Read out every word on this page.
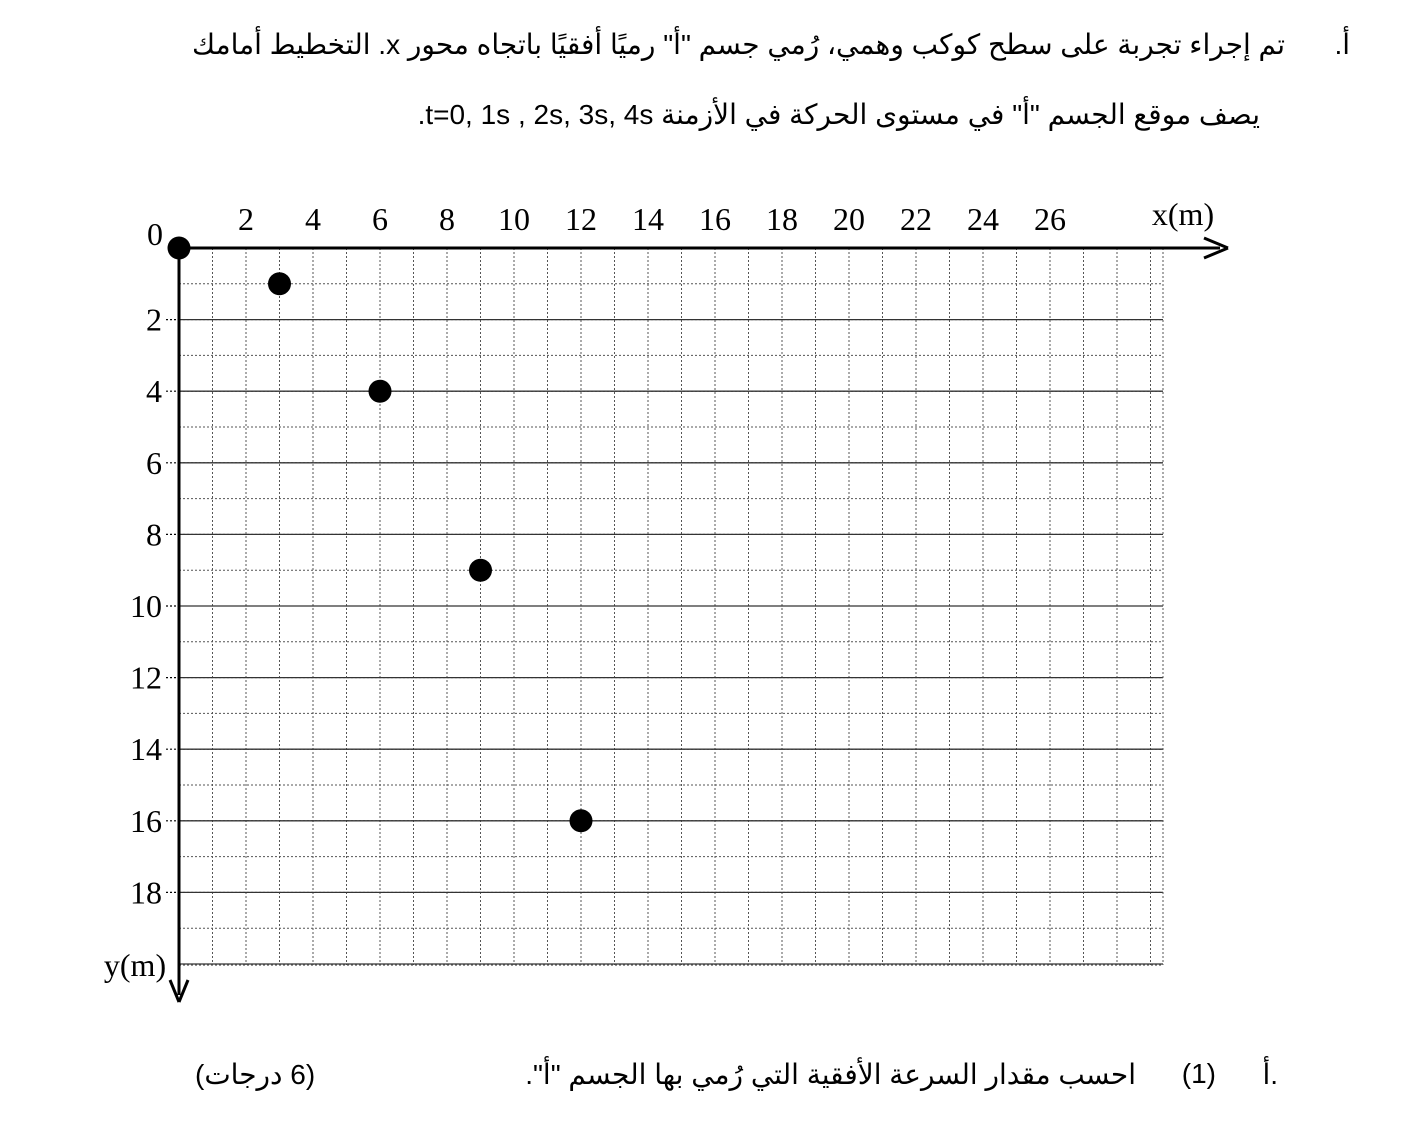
أ.
تم إجراء تجربة على سطح كوكب وهمي، رُمي جسم "أ" رميًا أفقيًا باتجاه محور x. التخطيط أمامك
يصف موقع الجسم "أ" في مستوى الحركة في الأزمنة t=0, 1s , 2s, 3s, 4s.
2 4 6 8 10 12 14 16 18 20 22 24 26
2
4
6
8
10
12
14
16
18
0
x(m)
y(m)
أ.
(1)
احسب مقدار السرعة الأفقية التي رُمي بها الجسم "أ".
(6 درجات)
